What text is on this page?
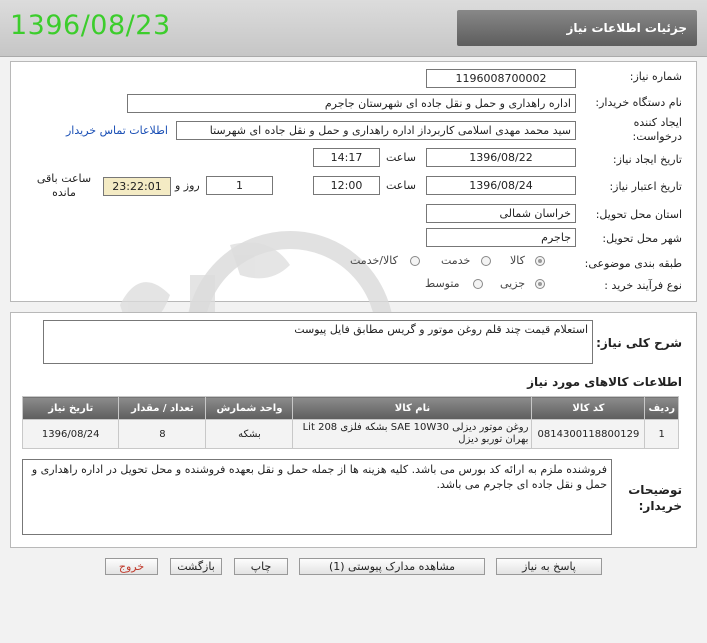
1396/08/23	جزئیات اطلاعات نیاز
شماره نیاز:
1196008700002
نام دستگاه خریدار:
اداره راهداری و حمل و نقل جاده ای شهرستان جاجرم
ایجاد کننده درخواست:
سید محمد مهدی اسلامی کاربرداز اداره راهداری و حمل و نقل جاده ای شهرستا
اطلاعات تماس خریدار
تاریخ ایجاد نیاز:
1396/08/22
ساعت
14:17
تاریخ اعتبار نیاز:
1396/08/24
ساعت
12:00
1
روز و
23:22:01
ساعت باقی مانده
استان محل تحویل:
خراسان شمالی
شهر محل تحویل:
جاجرم
طبقه بندی موضوعی:
کالا
خدمت
کالا/خدمت
نوع فرآیند خرید :
جزیی
متوسط
شرح کلی نیاز:
استعلام قیمت چند قلم روغن موتور و گریس مطابق فایل پیوست
اطلاعات کالاهای مورد نیاز
ردیف	کد کالا	نام کالا	واحد شمارش	تعداد / مقدار	تاریخ نیاز
1	0814300118800129	روغن موتور دیزلی SAE 10W30 بشکه فلزی 208 Lit بهران توربو دیزل	بشکه	8	1396/08/24
توضیحات خریدار:
فروشنده ملزم به ارائه کد بورس می باشد. کلیه هزینه ها از جمله حمل و نقل بعهده فروشنده و محل تحویل در اداره راهداری و حمل و نقل جاده ای جاجرم می باشد.
پاسخ به نیاز
مشاهده مدارک پیوستی (1)
چاپ
بازگشت
خروج
